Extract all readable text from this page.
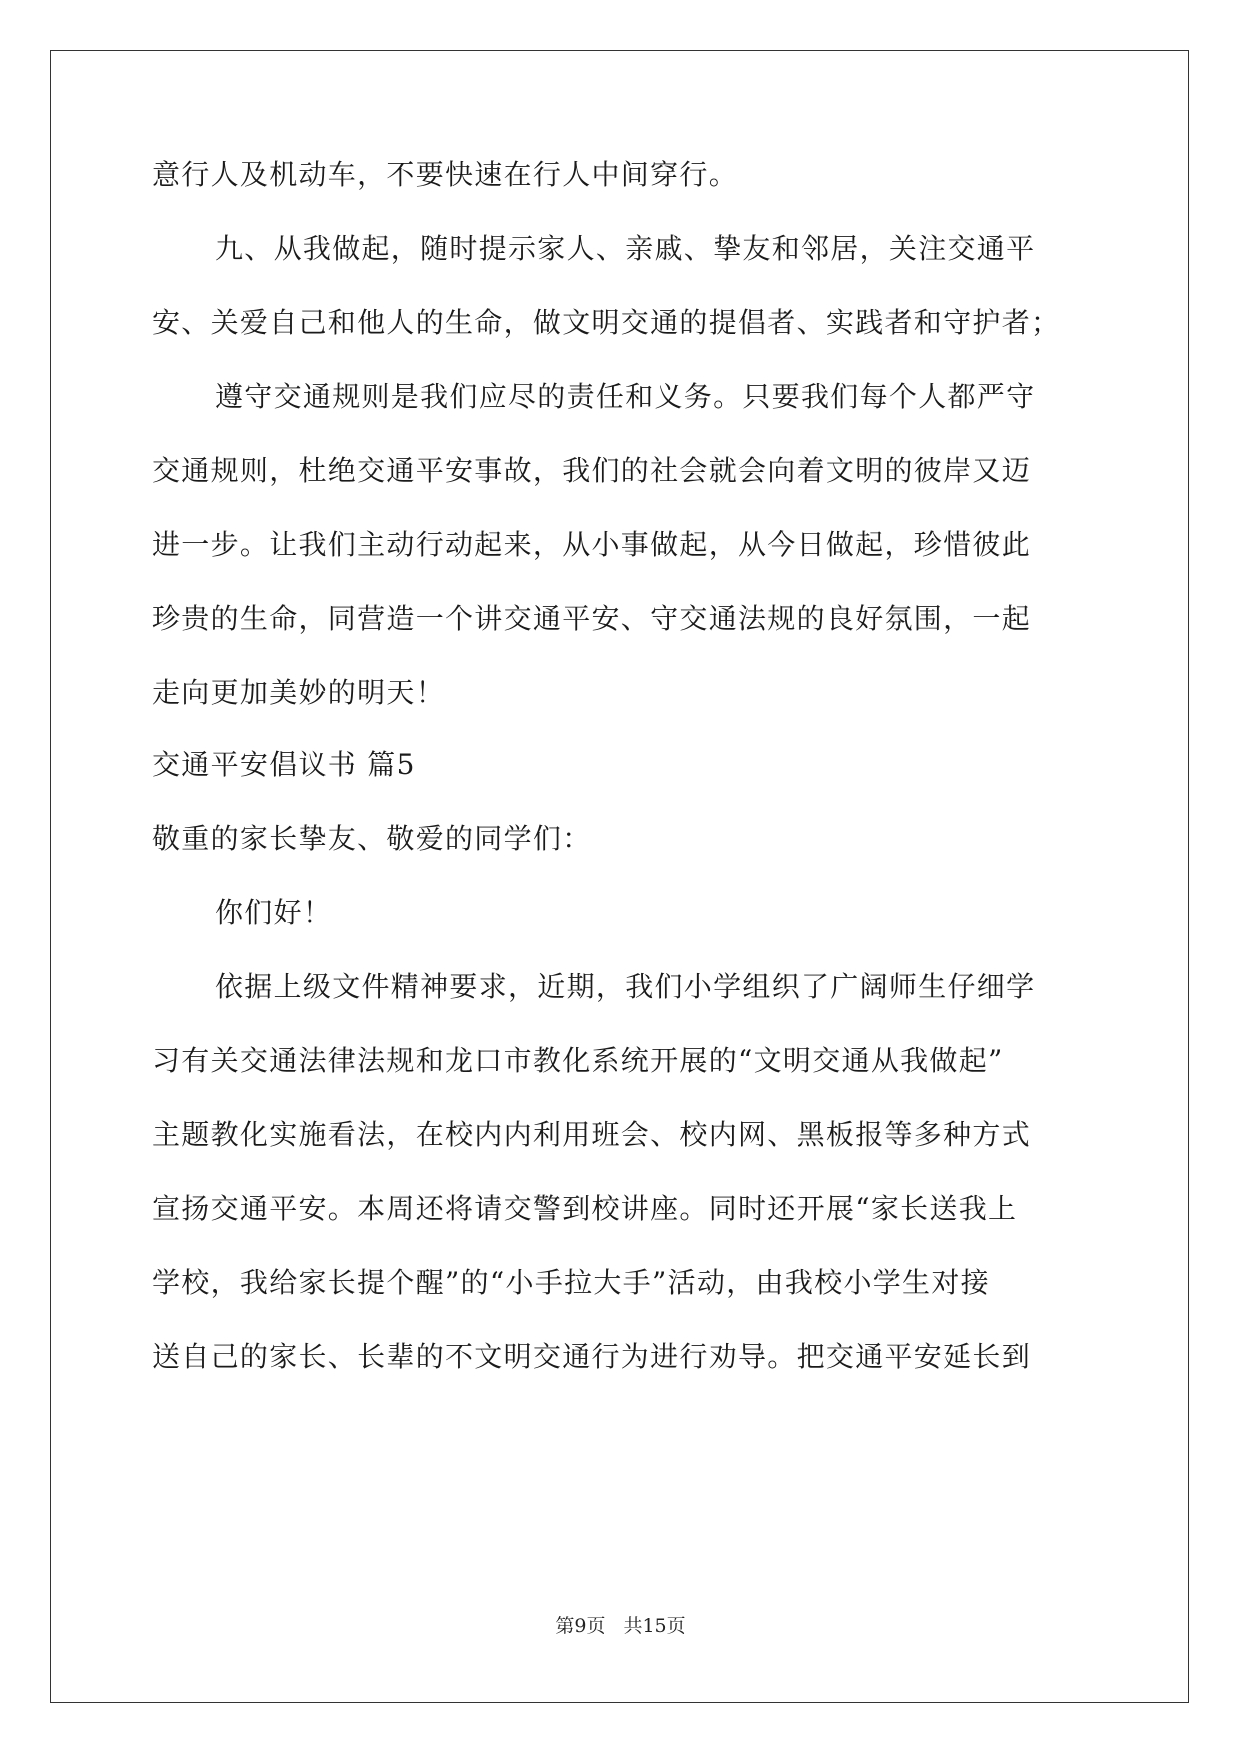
意行人及机动车，不要快速在行人中间穿行。
九、从我做起，随时提示家人、亲戚、挚友和邻居，关注交通平
安、关爱自己和他人的生命，做文明交通的提倡者、实践者和守护者；
遵守交通规则是我们应尽的责任和义务。只要我们每个人都严守
交通规则，杜绝交通平安事故，我们的社会就会向着文明的彼岸又迈
进一步。让我们主动行动起来，从小事做起，从今日做起，珍惜彼此
珍贵的生命，同营造一个讲交通平安、守交通法规的良好氛围，一起
走向更加美妙的明天！
交通平安倡议书 篇5
敬重的家长挚友、敬爱的同学们：
你们好！
依据上级文件精神要求，近期，我们小学组织了广阔师生仔细学
习有关交通法律法规和龙口市教化系统开展的“文明交通从我做起”
主题教化实施看法，在校内内利用班会、校内网、黑板报等多种方式
宣扬交通平安。本周还将请交警到校讲座。同时还开展“家长送我上
学校，我给家长提个醒”的“小手拉大手”活动，由我校小学生对接
送自己的家长、长辈的不文明交通行为进行劝导。把交通平安延长到
第9页 共15页
